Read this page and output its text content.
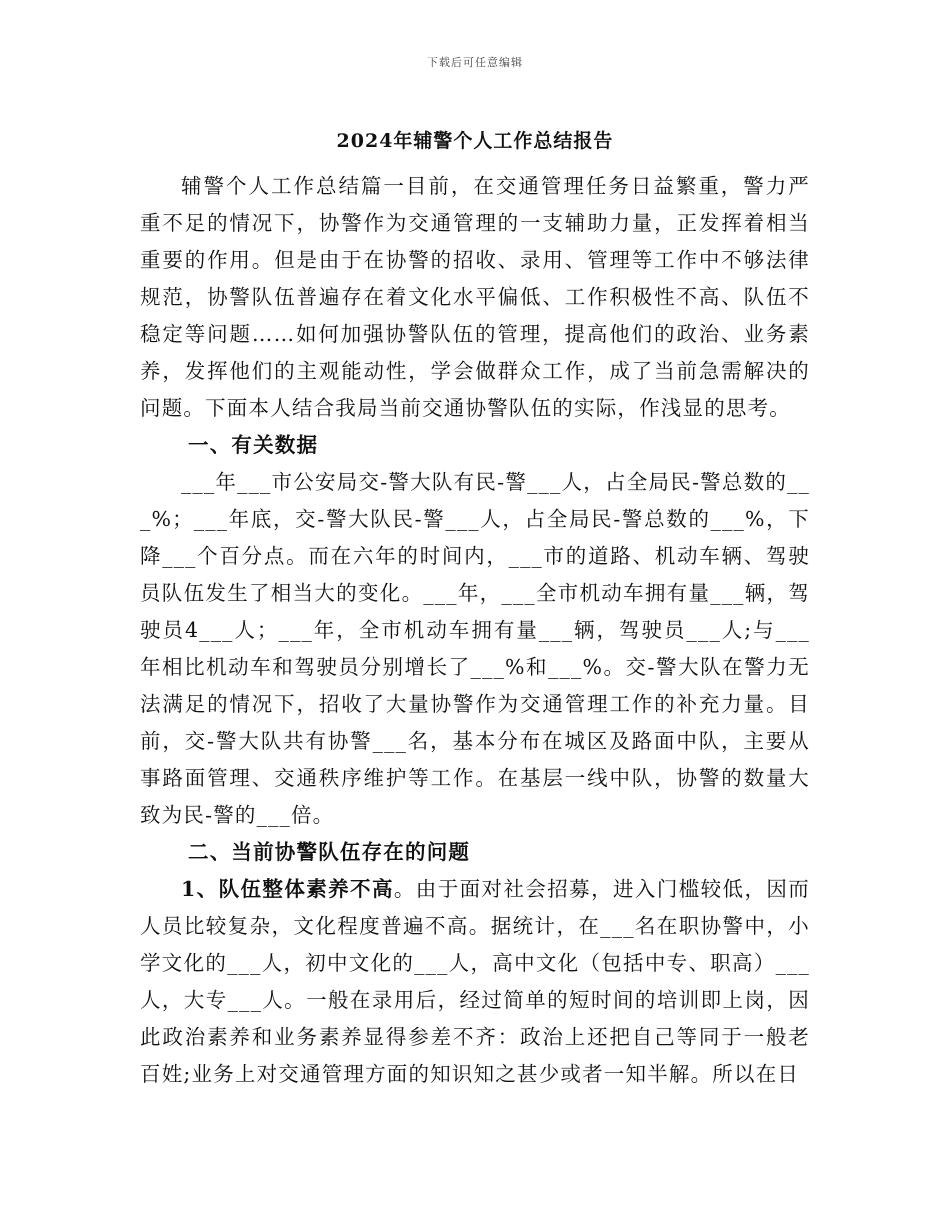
下载后可任意编辑
2024年辅警个人工作总结报告

辅警个人工作总结篇一目前，在交通管理任务日益繁重，警力严重不足的情况下，协警作为交通管理的一支辅助力量，正发挥着相当重要的作用。但是由于在协警的招收、录用、管理等工作中不够法律规范，协警队伍普遍存在着文化水平偏低、工作积极性不高、队伍不稳定等问题……如何加强协警队伍的管理，提高他们的政治、业务素养，发挥他们的主观能动性，学会做群众工作，成了当前急需解决的问题。下面本人结合我局当前交通协警队伍的实际，作浅显的思考。

一、有关数据

___年___市公安局交-警大队有民-警___人，占全局民-警总数的___%；___年底，交-警大队民-警___人，占全局民-警总数的___%，下降___个百分点。而在六年的时间内，___市的道路、机动车辆、驾驶员队伍发生了相当大的变化。___年，___全市机动车拥有量___辆，驾驶员4___人；___年，全市机动车拥有量___辆，驾驶员___人;与___年相比机动车和驾驶员分别增长了___%和___%。交-警大队在警力无法满足的情况下，招收了大量协警作为交通管理工作的补充力量。目前，交-警大队共有协警___名，基本分布在城区及路面中队，主要从事路面管理、交通秩序维护等工作。在基层一线中队，协警的数量大致为民-警的___倍。

二、当前协警队伍存在的问题

1、队伍整体素养不高。由于面对社会招募，进入门槛较低，因而人员比较复杂，文化程度普遍不高。据统计，在___名在职协警中，小学文化的___人，初中文化的___人，高中文化（包括中专、职高）___人，大专___人。一般在录用后，经过简单的短时间的培训即上岗，因此政治素养和业务素养显得参差不齐：政治上还把自己等同于一般老百姓;业务上对交通管理方面的知识知之甚少或者一知半解。所以在日
